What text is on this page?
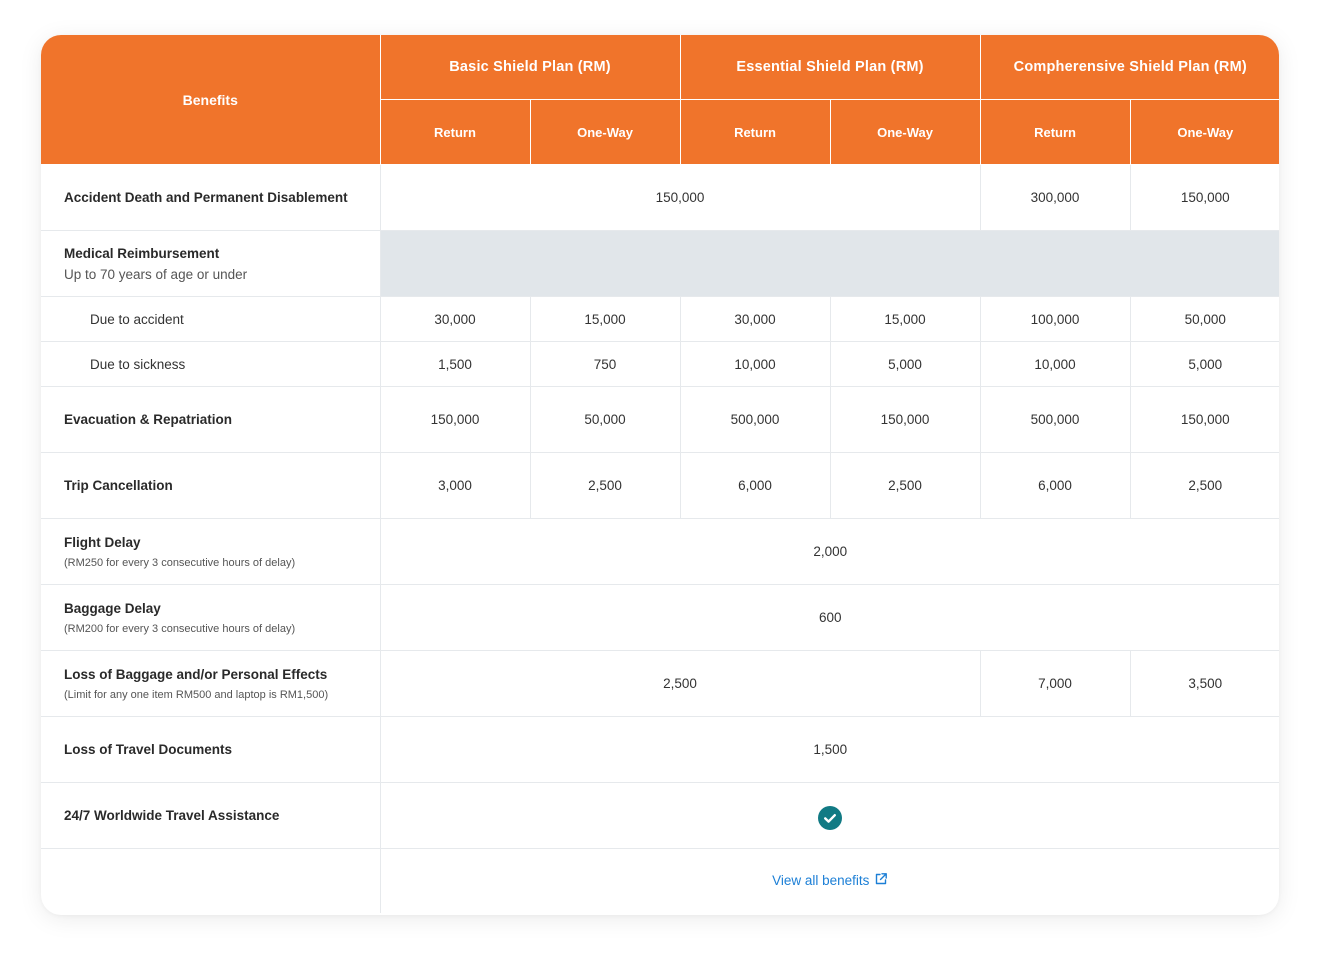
Benefits	Basic Shield Plan (RM)		Essential Shield Plan (RM)		Compherensive Shield Plan (RM)	
	Return	One-Way	Return	One-Way	Return	One-Way

Accident Death and Permanent Disablement	150,000				300,000	150,000

Medical Reimbursement
Up to 70 years of age or under						

Due to accident	30,000	15,000	30,000	15,000	100,000	50,000
Due to sickness	1,500	750	10,000	5,000	10,000	5,000

Evacuation & Repatriation	150,000	50,000	500,000	150,000	500,000	150,000

Trip Cancellation	3,000	2,500	6,000	2,500	6,000	2,500

Flight Delay
(RM250 for every 3 consecutive hours of delay)	2,000					

Baggage Delay
(RM200 for every 3 consecutive hours of delay)	600					

Loss of Baggage and/or Personal Effects
(Limit for any one item RM500 and laptop is RM1,500)	2,500				7,000	3,500

Loss of Travel Documents	1,500					

24/7 Worldwide Travel Assistance

	View all benefits					
